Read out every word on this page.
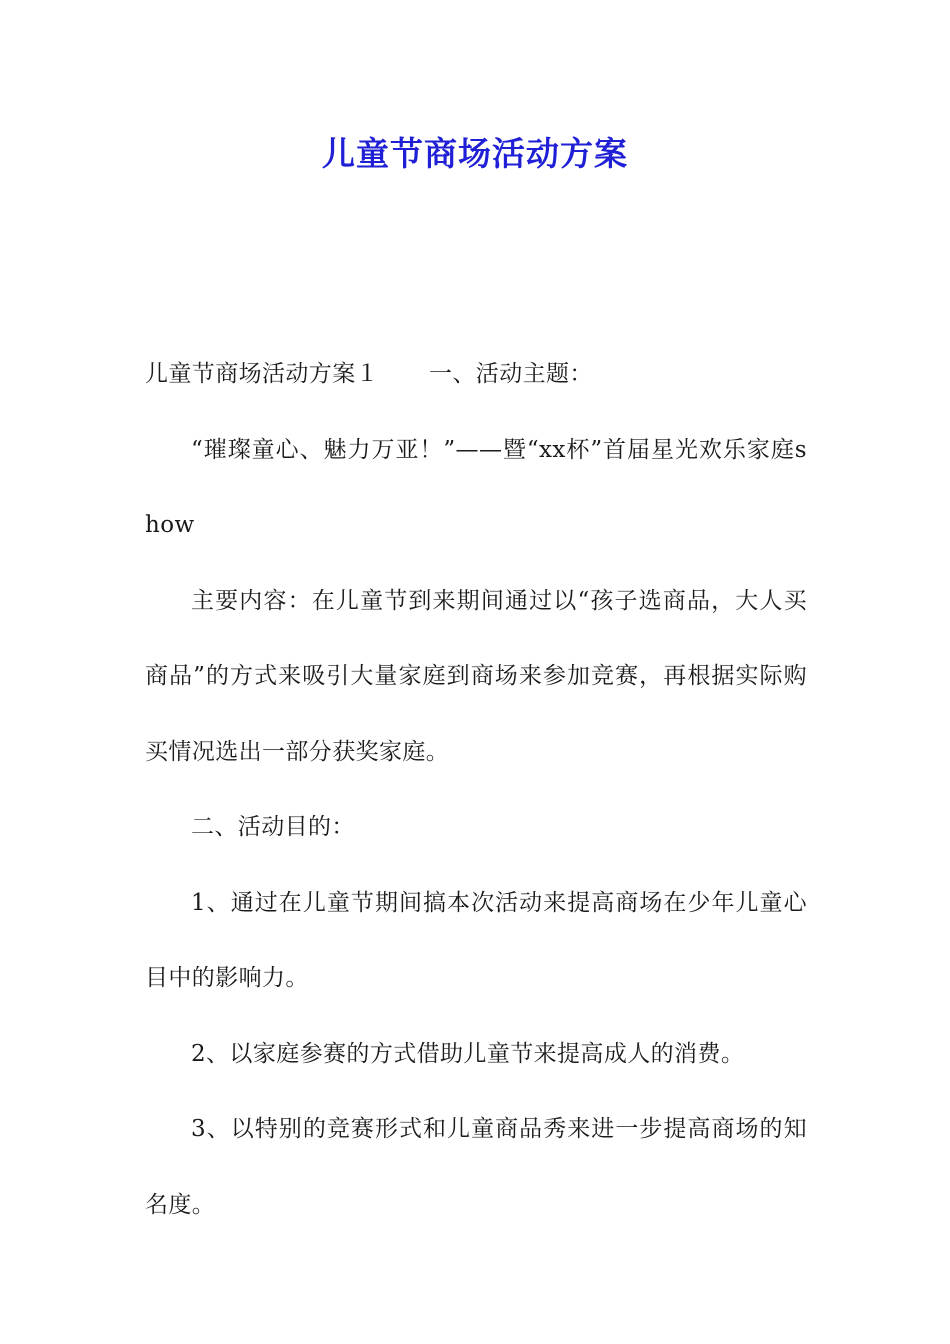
儿童节商场活动方案

儿童节商场活动方案１ 一、活动主题：

“璀璨童心、魅力万亚！”——暨“xx杯”首届星光欢乐家庭show

主要内容：在儿童节到来期间通过以“孩子选商品，大人买商品”的方式来吸引大量家庭到商场来参加竞赛，再根据实际购买情况选出一部分获奖家庭。

二、活动目的：

1、通过在儿童节期间搞本次活动来提高商场在少年儿童心目中的影响力。

2、以家庭参赛的方式借助儿童节来提高成人的消费。

3、以特别的竞赛形式和儿童商品秀来进一步提高商场的知名度。
